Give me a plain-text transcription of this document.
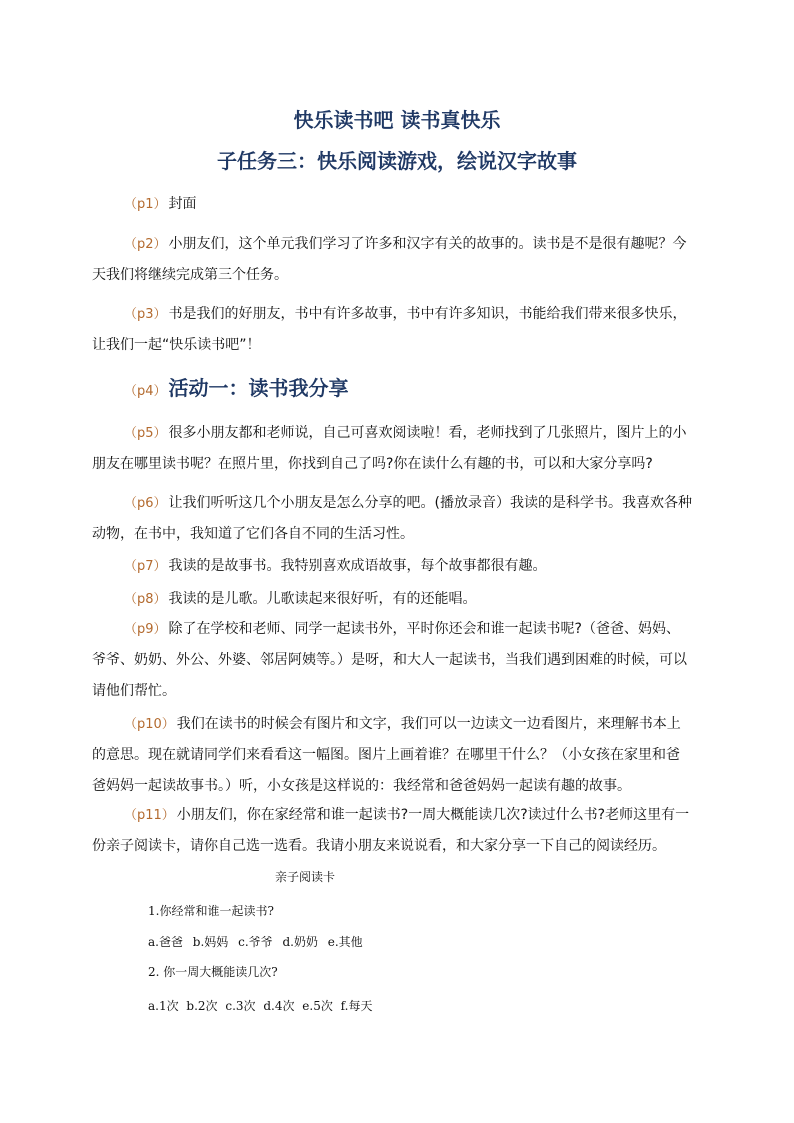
快乐读书吧 读书真快乐
子任务三：快乐阅读游戏，绘说汉字故事
（p1） 封面
（p2） 小朋友们，这个单元我们学习了许多和汉字有关的故事的。读书是不是很有趣呢？今天我们将继续完成第三个任务。
（p3） 书是我们的好朋友，书中有许多故事，书中有许多知识，书能给我们带来很多快乐，让我们一起“快乐读书吧”！
（p4） 活动一：读书我分享
（p5） 很多小朋友都和老师说，自己可喜欢阅读啦！看，老师找到了几张照片，图片上的小朋友在哪里读书呢？在照片里，你找到自己了吗?你在读什么有趣的书，可以和大家分享吗?
（p6） 让我们听听这几个小朋友是怎么分享的吧。(播放录音）我读的是科学书。我喜欢各种动物，在书中，我知道了它们各自不同的生活习性。
（p7） 我读的是故事书。我特别喜欢成语故事，每个故事都很有趣。
（p8） 我读的是儿歌。儿歌读起来很好听，有的还能唱。
（p9） 除了在学校和老师、同学一起读书外，平时你还会和谁一起读书呢?（爸爸、妈妈、爷爷、奶奶、外公、外婆、邻居阿姨等。）是呀，和大人一起读书，当我们遇到困难的时候，可以请他们帮忙。
（p10） 我们在读书的时候会有图片和文字，我们可以一边读文一边看图片，来理解书本上的意思。现在就请同学们来看看这一幅图。图片上画着谁？在哪里干什么？（小女孩在家里和爸爸妈妈一起读故事书。）听，小女孩是这样说的：我经常和爸爸妈妈一起读有趣的故事。
（p11） 小朋友们，你在家经常和谁一起读书?一周大概能读几次?读过什么书?老师这里有一份亲子阅读卡，请你自己选一选看。我请小朋友来说说看，和大家分享一下自己的阅读经历。
亲子阅读卡
1.你经常和谁一起读书?
a.爸爸 b.妈妈 c.爷爷 d.奶奶 e.其他
2. 你一周大概能读几次?
a.1次 b.2次 c.3次 d.4次 e.5次 f.每天
